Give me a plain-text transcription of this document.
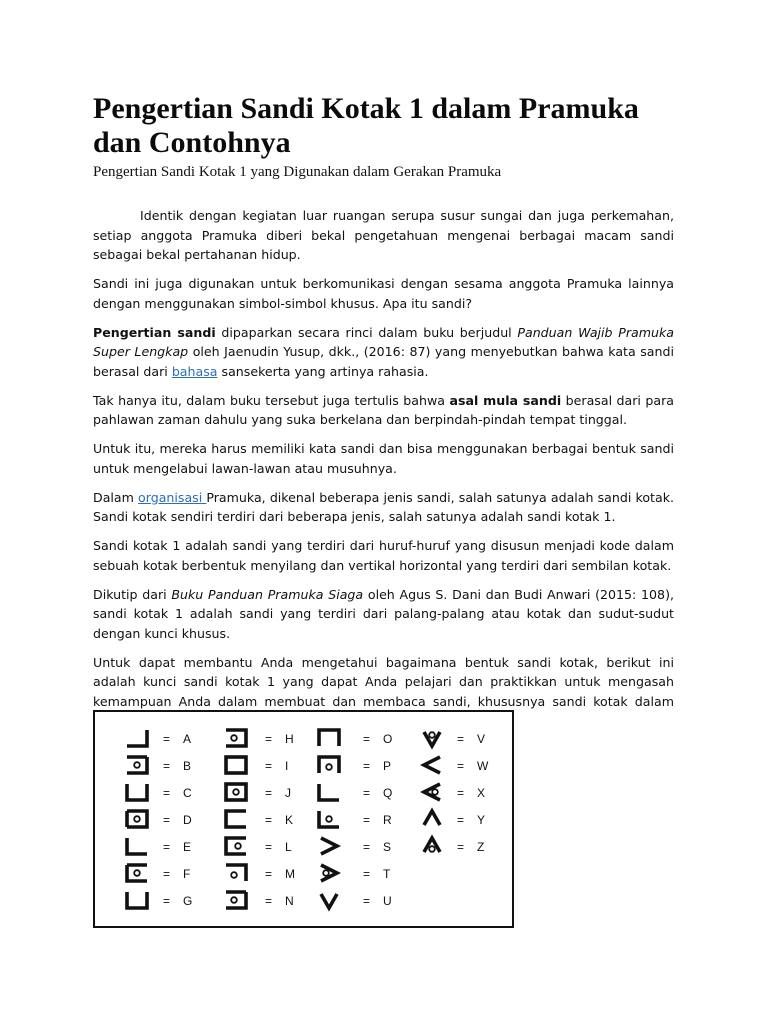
Pengertian Sandi Kotak 1 dalam Pramuka dan Contohnya
Pengertian Sandi Kotak 1 yang Digunakan dalam Gerakan Pramuka

Identik dengan kegiatan luar ruangan serupa susur sungai dan juga perkemahan, setiap anggota Pramuka diberi bekal pengetahuan mengenai berbagai macam sandi sebagai bekal pertahanan hidup.

Sandi ini juga digunakan untuk berkomunikasi dengan sesama anggota Pramuka lainnya dengan menggunakan simbol-simbol khusus. Apa itu sandi?

Pengertian sandi dipaparkan secara rinci dalam buku berjudul Panduan Wajib Pramuka Super Lengkap oleh Jaenudin Yusup, dkk., (2016: 87) yang menyebutkan bahwa kata sandi berasal dari bahasa sansekerta yang artinya rahasia.

Tak hanya itu, dalam buku tersebut juga tertulis bahwa asal mula sandi berasal dari para pahlawan zaman dahulu yang suka berkelana dan berpindah-pindah tempat tinggal.

Untuk itu, mereka harus memiliki kata sandi dan bisa menggunakan berbagai bentuk sandi untuk mengelabui lawan-lawan atau musuhnya.

Dalam organisasi Pramuka, dikenal beberapa jenis sandi, salah satunya adalah sandi kotak. Sandi kotak sendiri terdiri dari beberapa jenis, salah satunya adalah sandi kotak 1.

Sandi kotak 1 adalah sandi yang terdiri dari huruf-huruf yang disusun menjadi kode dalam sebuah kotak berbentuk menyilang dan vertikal horizontal yang terdiri dari sembilan kotak.

Dikutip dari Buku Panduan Pramuka Siaga oleh Agus S. Dani dan Budi Anwari (2015: 108), sandi kotak 1 adalah sandi yang terdiri dari palang-palang atau kotak dan sudut-sudut dengan kunci khusus.

Untuk dapat membantu Anda mengetahui bagaimana bentuk sandi kotak, berikut ini adalah kunci sandi kotak 1 yang dapat Anda pelajari dan praktikkan untuk mengasah kemampuan Anda dalam membuat dan membaca sandi, khususnya sandi kotak dalam

= A
= B
= C
= D
= E
= F
= G
= H
= I
= J
= K
= L
= M
= N
= O
= P
= Q
= R
= S
= T
= U
= V
= W
= X
= Y
= Z
